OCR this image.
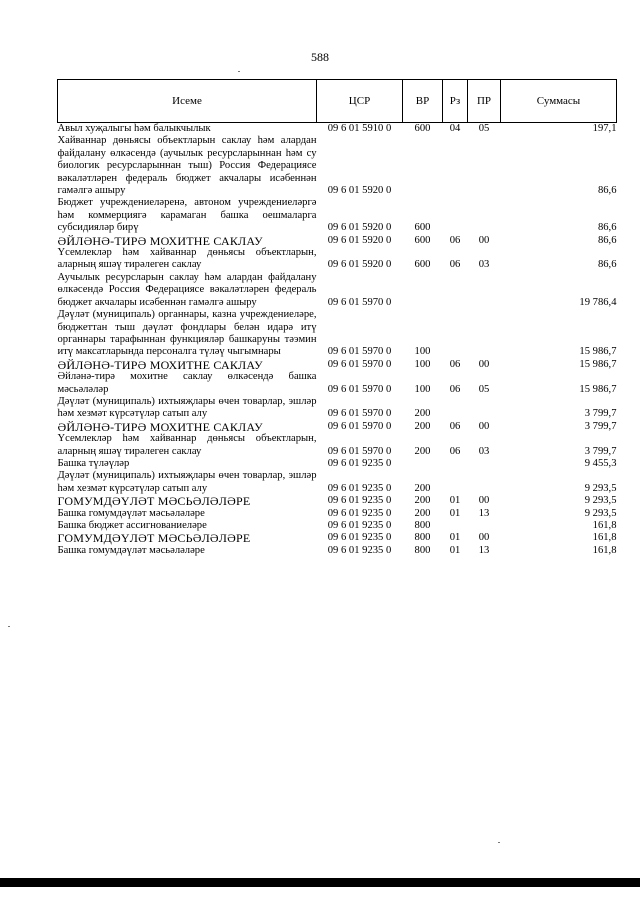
588
Исеме	ЦСР	ВР	Рз	ПР	Суммасы

Авыл хуҗалыгы һәм балыкчылык	09 6 01 5910 0	600	04	05	197,1

Хайваннар дөньясы объектларын саклау һәм алардан файдалану өлкәсендә (аучылык ресурсларыннан һәм су биологик ресурсларыннан тыш) Россия Федерациясе вәкаләтләрен федераль бюджет акчалары исәбеннән гамәлгә ашыру	09 6 01 5920 0				86,6

Бюджет учреждениеләренә, автоном учреждениеләргә һәм коммерциягә карамаган башка оешмаларга субсидияләр бирү	09 6 01 5920 0	600			86,6

ӘЙЛӘНӘ-ТИРӘ МОХИТНЕ САКЛАУ	09 6 01 5920 0	600	06	00	86,6

Үсемлекләр һәм хайваннар дөньясы объектларын, аларның яшәү тирәлеген саклау	09 6 01 5920 0	600	06	03	86,6

Аучылык ресурсларын саклау һәм алардан файдалану өлкәсендә Россия Федерациясе вәкаләтләрен федераль бюджет акчалары исәбеннән гамәлгә ашыру	09 6 01 5970 0				19 786,4

Дәүләт (муниципаль) органнары, казна учреждениеләре, бюджеттан тыш дәүләт фондлары белән идарә итү органнары тарафыннан функцияләр башкаруны тәэмин итү максатларында персоналга түләү чыгымнары	09 6 01 5970 0	100			15 986,7

ӘЙЛӘНӘ-ТИРӘ МОХИТНЕ САКЛАУ	09 6 01 5970 0	100	06	00	15 986,7

Әйләнә-тирә мохитне саклау өлкәсендә башка мәсьәләләр	09 6 01 5970 0	100	06	05	15 986,7

Дәүләт (муниципаль) ихтыяҗлары өчен товарлар, эшләр һәм хезмәт күрсәтүләр сатып алу	09 6 01 5970 0	200			3 799,7

ӘЙЛӘНӘ-ТИРӘ МОХИТНЕ САКЛАУ	09 6 01 5970 0	200	06	00	3 799,7

Үсемлекләр һәм хайваннар дөньясы объектларын, аларның яшәү тирәлеген саклау	09 6 01 5970 0	200	06	03	3 799,7

Башка түләүләр	09 6 01 9235 0				9 455,3

Дәүләт (муниципаль) ихтыяҗлары өчен товарлар, эшләр һәм хезмәт күрсәтүләр сатып алу	09 6 01 9235 0	200			9 293,5

ГОМУМДӘҮЛӘТ МӘСЬӘЛӘЛӘРЕ	09 6 01 9235 0	200	01	00	9 293,5

Башка гомумдәүләт мәсьәләләре	09 6 01 9235 0	200	01	13	9 293,5

Башка бюджет ассигнованиеләре	09 6 01 9235 0	800			161,8

ГОМУМДӘҮЛӘТ МӘСЬӘЛӘЛӘРЕ	09 6 01 9235 0	800	01	00	161,8

Башка гомумдәүләт мәсьәләләре	09 6 01 9235 0	800	01	13	161,8
